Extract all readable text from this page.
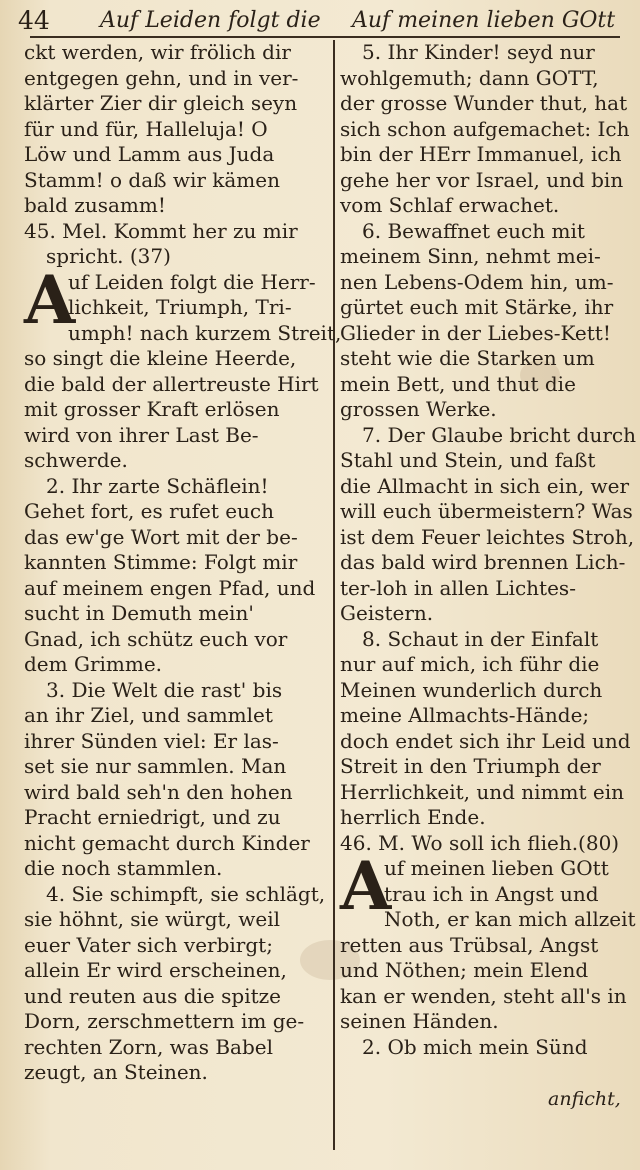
44 Auf Leiden folgt die Auf meinen lieben GOtt
ckt werden, wir frölich dir
entgegen gehn, und in ver-
klärter Zier dir gleich seyn
für und für, Halleluja! O
Löw und Lamm aus Juda
Stamm! o daß wir kämen
bald zusamm!
45. Mel. Kommt her zu mir
spricht. (37)
A
uf Leiden folgt die Herr-
lichkeit, Triumph, Tri-
umph! nach kurzem Streit,
so singt die kleine Heerde,
die bald der allertreuste Hirt
mit grosser Kraft erlösen
wird von ihrer Last Be-
schwerde.
2. Ihr zarte Schäflein!
Gehet fort, es rufet euch
das ew'ge Wort mit der be-
kannten Stimme: Folgt mir
auf meinem engen Pfad, und
sucht in Demuth mein'
Gnad, ich schütz euch vor
dem Grimme.
3. Die Welt die rast' bis
an ihr Ziel, und sammlet
ihrer Sünden viel: Er las-
set sie nur sammlen. Man
wird bald seh'n den hohen
Pracht erniedrigt, und zu
nicht gemacht durch Kinder
die noch stammlen.
4. Sie schimpft, sie schlägt,
sie höhnt, sie würgt, weil
euer Vater sich verbirgt;
allein Er wird erscheinen,
und reuten aus die spitze
Dorn, zerschmettern im ge-
rechten Zorn, was Babel
zeugt, an Steinen.
5. Ihr Kinder! seyd nur
wohlgemuth; dann GOTT,
der grosse Wunder thut, hat
sich schon aufgemachet: Ich
bin der HErr Immanuel, ich
gehe her vor Israel, und bin
vom Schlaf erwachet.
6. Bewaffnet euch mit
meinem Sinn, nehmt mei-
nen Lebens-Odem hin, um-
gürtet euch mit Stärke, ihr
Glieder in der Liebes-Kett!
steht wie die Starken um
mein Bett, und thut die
grossen Werke.
7. Der Glaube bricht durch
Stahl und Stein, und faßt
die Allmacht in sich ein, wer
will euch übermeistern? Was
ist dem Feuer leichtes Stroh,
das bald wird brennen Lich-
ter-loh in allen Lichtes-
Geistern.
8. Schaut in der Einfalt
nur auf mich, ich führ die
Meinen wunderlich durch
meine Allmachts-Hände;
doch endet sich ihr Leid und
Streit in den Triumph der
Herrlichkeit, und nimmt ein
herrlich Ende.
46. M. Wo soll ich flieh.(80)
A
uf meinen lieben GOtt
trau ich in Angst und
Noth, er kan mich allzeit
retten aus Trübsal, Angst
und Nöthen; mein Elend
kan er wenden, steht all's in
seinen Händen.
2. Ob mich mein Sünd
anficht,
